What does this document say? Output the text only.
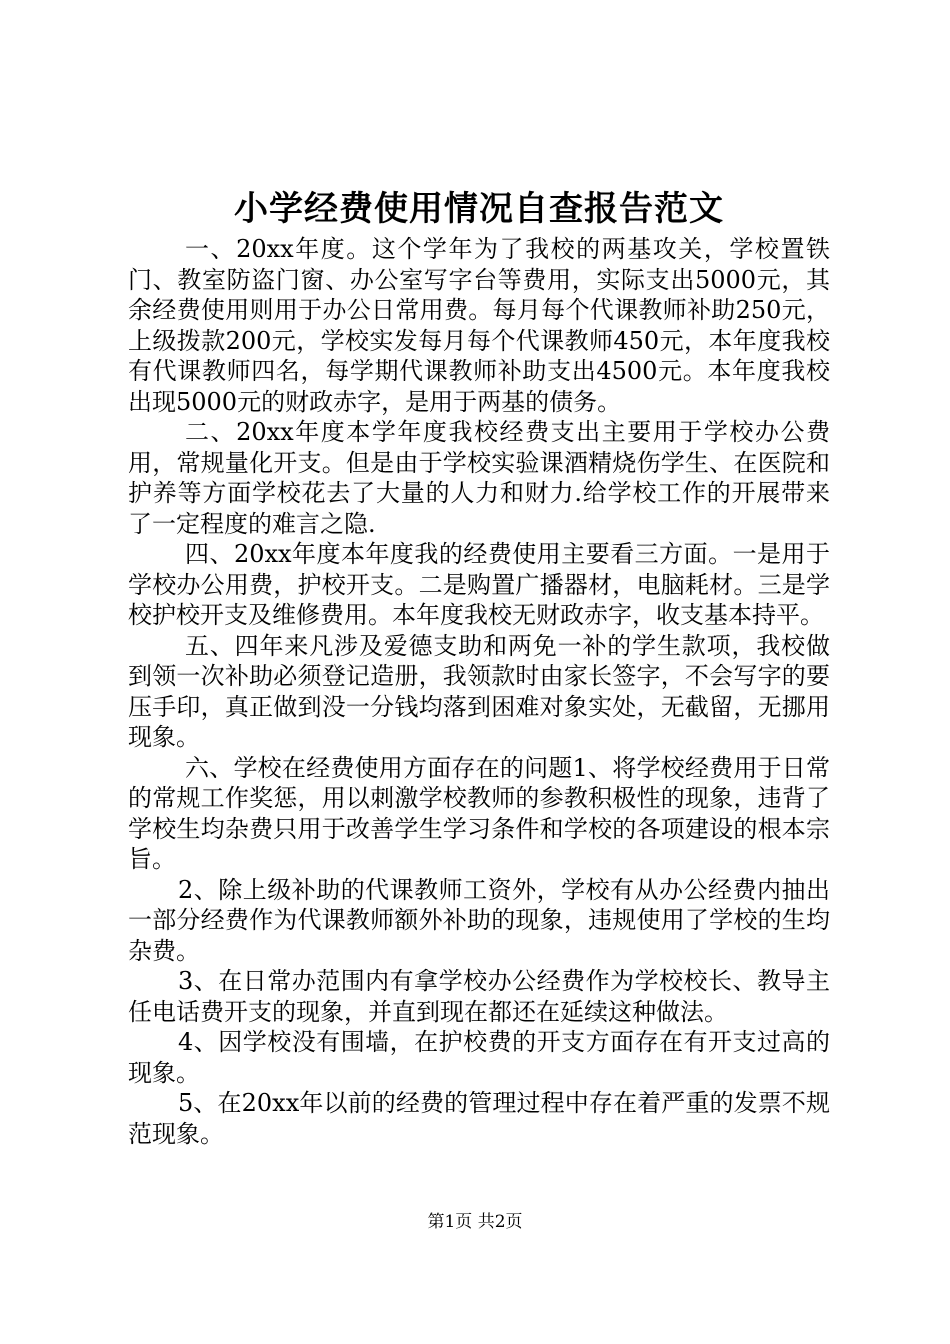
小学经费使用情况自查报告范文

一、20xx年度。这个学年为了我校的两基攻关，学校置铁门、教室防盗门窗、办公室写字台等费用，实际支出5000元，其余经费使用则用于办公日常用费。每月每个代课教师补助250元，上级拨款200元，学校实发每月每个代课教师450元，本年度我校有代课教师四名，每学期代课教师补助支出4500元。本年度我校出现5000元的财政赤字，是用于两基的债务。

二、20xx年度本学年度我校经费支出主要用于学校办公费用，常规量化开支。但是由于学校实验课酒精烧伤学生、在医院和护养等方面学校花去了大量的人力和财力.给学校工作的开展带来了一定程度的难言之隐.

四、20xx年度本年度我的经费使用主要看三方面。一是用于学校办公用费，护校开支。二是购置广播器材，电脑耗材。三是学校护校开支及维修费用。本年度我校无财政赤字，收支基本持平。

五、四年来凡涉及爱德支助和两免一补的学生款项，我校做到领一次补助必须登记造册，我领款时由家长签字，不会写字的要压手印，真正做到没一分钱均落到困难对象实处，无截留，无挪用现象。

六、学校在经费使用方面存在的问题1、将学校经费用于日常的常规工作奖惩，用以刺激学校教师的参教积极性的现象，违背了学校生均杂费只用于改善学生学习条件和学校的各项建设的根本宗旨。

2、除上级补助的代课教师工资外，学校有从办公经费内抽出一部分经费作为代课教师额外补助的现象，违规使用了学校的生均杂费。

3、在日常办范围内有拿学校办公经费作为学校校长、教导主任电话费开支的现象，并直到现在都还在延续这种做法。

4、因学校没有围墙，在护校费的开支方面存在有开支过高的现象。

5、在20xx年以前的经费的管理过程中存在着严重的发票不规范现象。

第1页 共2页
